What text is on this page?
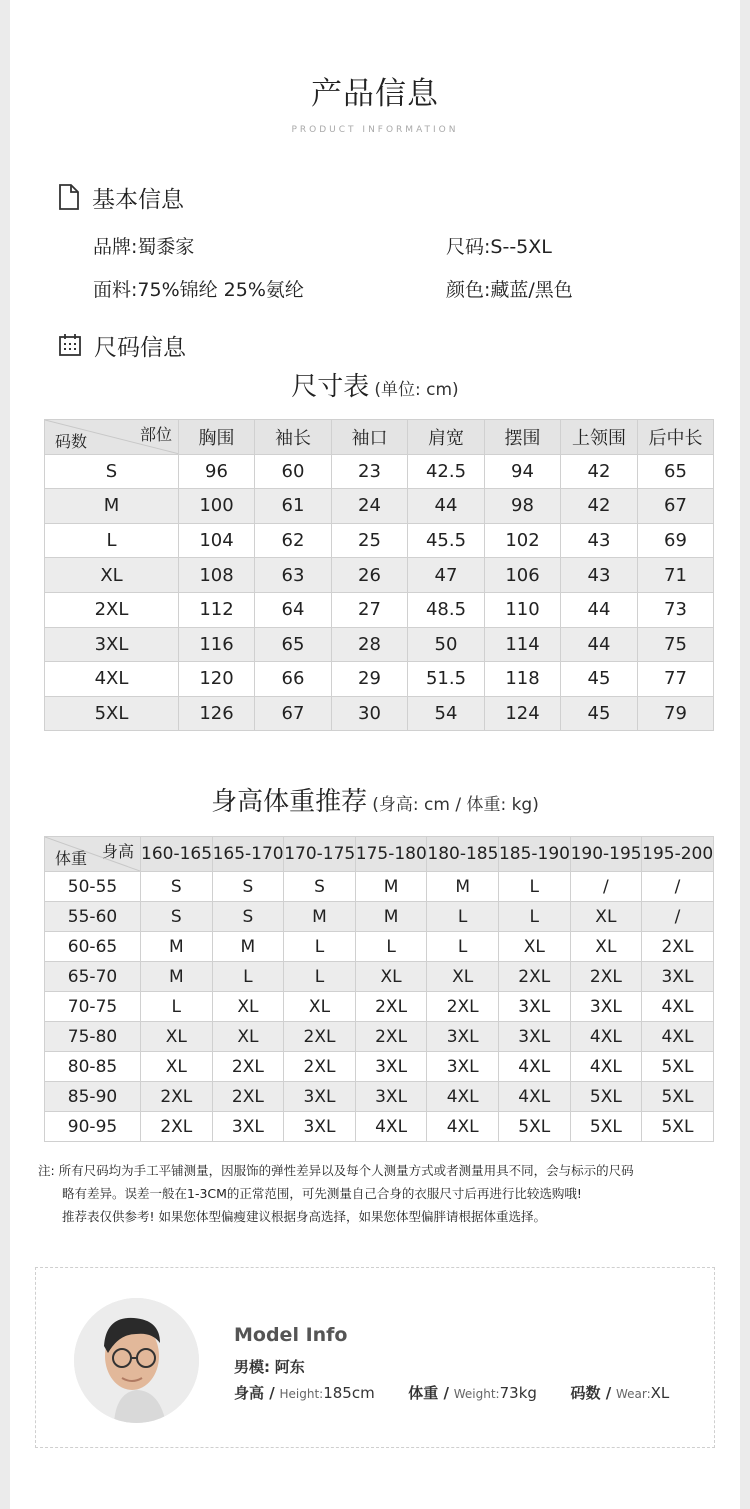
产品信息
PRODUCT INFORMATION
基本信息
品牌:蜀黍家	尺码:S--5XL
面料:75%锦纶 25%氨纶	颜色:藏蓝/黑色
尺码信息
尺寸表 (单位: cm)
部位
码数	胸围	袖长	袖口	肩宽	摆围	上领围	后中长
S	96	60	23	42.5	94	42	65
M	100	61	24	44	98	42	67
L	104	62	25	45.5	102	43	69
XL	108	63	26	47	106	43	71
2XL	112	64	27	48.5	110	44	73
3XL	116	65	28	50	114	44	75
4XL	120	66	29	51.5	118	45	77
5XL	126	67	30	54	124	45	79
身高体重推荐 (身高: cm / 体重: kg)
身高
体重	160-165	165-170	170-175	175-180	180-185	185-190	190-195	195-200
50-55	S	S	S	M	M	L	/	/
55-60	S	S	M	M	L	L	XL	/
60-65	M	M	L	L	L	XL	XL	2XL
65-70	M	L	L	XL	XL	2XL	2XL	3XL
70-75	L	XL	XL	2XL	2XL	3XL	3XL	4XL
75-80	XL	XL	2XL	2XL	3XL	3XL	4XL	4XL
80-85	XL	2XL	2XL	3XL	3XL	4XL	4XL	5XL
85-90	2XL	2XL	3XL	3XL	4XL	4XL	5XL	5XL
90-95	2XL	3XL	3XL	4XL	4XL	5XL	5XL	5XL
注: 所有尺码均为手工平铺测量，因服饰的弹性差异以及每个人测量方式或者测量用具不同，会与标示的尺码
略有差异。误差一般在1-3CM的正常范围，可先测量自己合身的衣服尺寸后再进行比较选购哦!
推荐表仅供参考! 如果您体型偏瘦建议根据身高选择，如果您体型偏胖请根据体重选择。
Model Info
男模: 阿东
身高 / Height:185cm 体重 / Weight:73kg 码数 / Wear:XL
